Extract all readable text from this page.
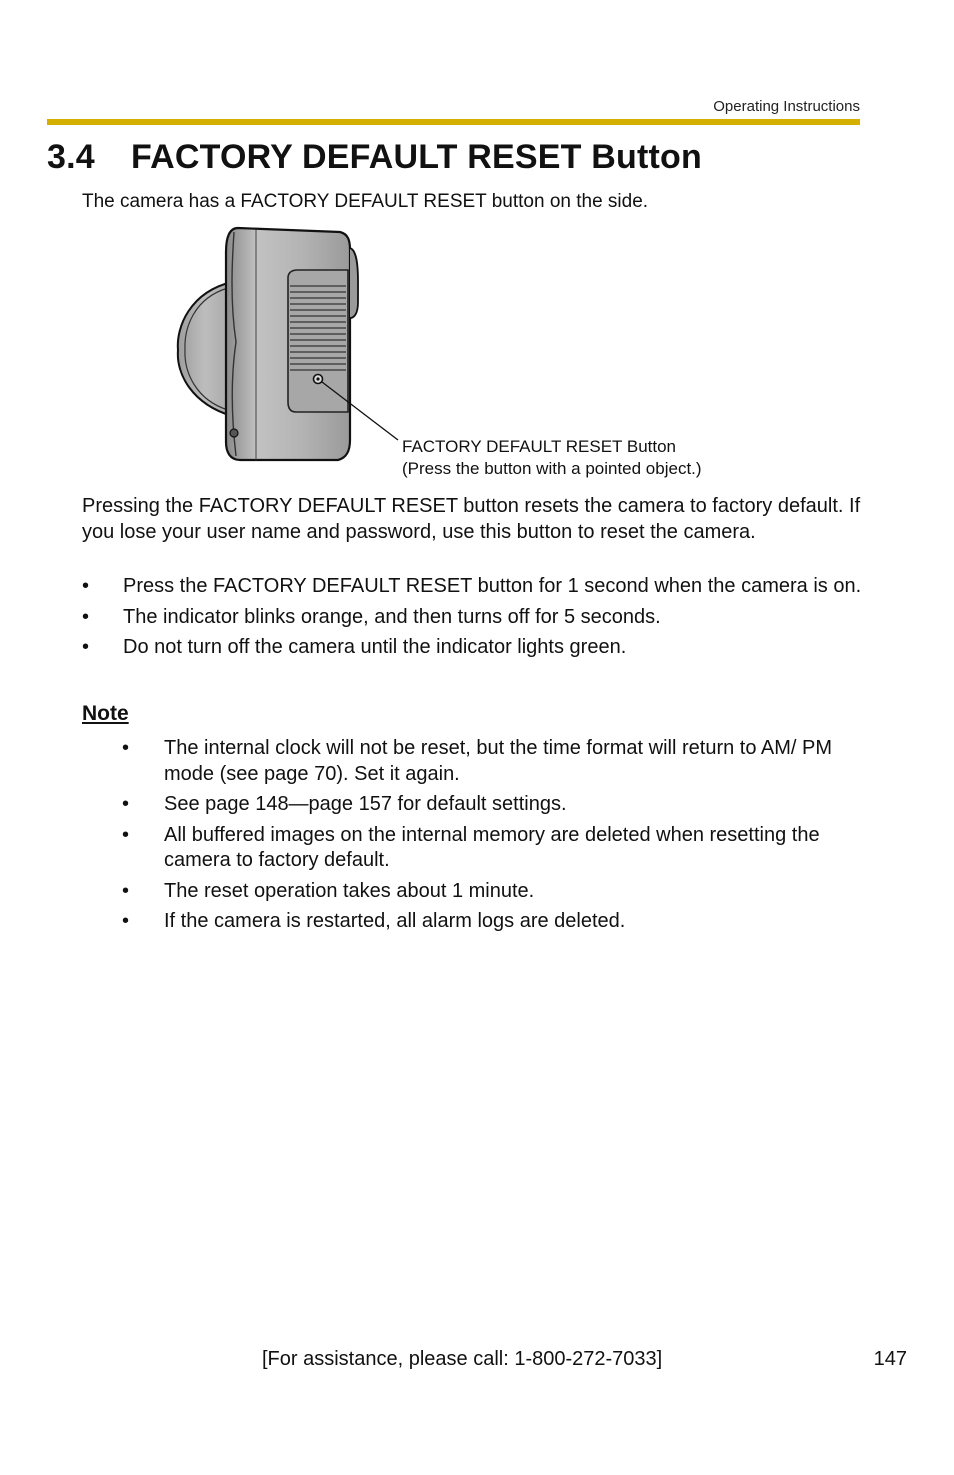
Operating Instructions
3.4 FACTORY DEFAULT RESET Button

The camera has a FACTORY DEFAULT RESET button on the side.

FACTORY DEFAULT RESET Button
(Press the button with a pointed object.)

Pressing the FACTORY DEFAULT RESET button resets the camera to factory default. If you lose your user name and password, use this button to reset the camera.

• Press the FACTORY DEFAULT RESET button for 1 second when the camera is on.
• The indicator blinks orange, and then turns off for 5 seconds.
• Do not turn off the camera until the indicator lights green.

Note

• The internal clock will not be reset, but the time format will return to AM/ PM mode (see page 70). Set it again.
• See page 148—page 157 for default settings.
• All buffered images on the internal memory are deleted when resetting the camera to factory default.
• The reset operation takes about 1 minute.
• If the camera is restarted, all alarm logs are deleted.
[For assistance, please call: 1-800-272-7033]	147
